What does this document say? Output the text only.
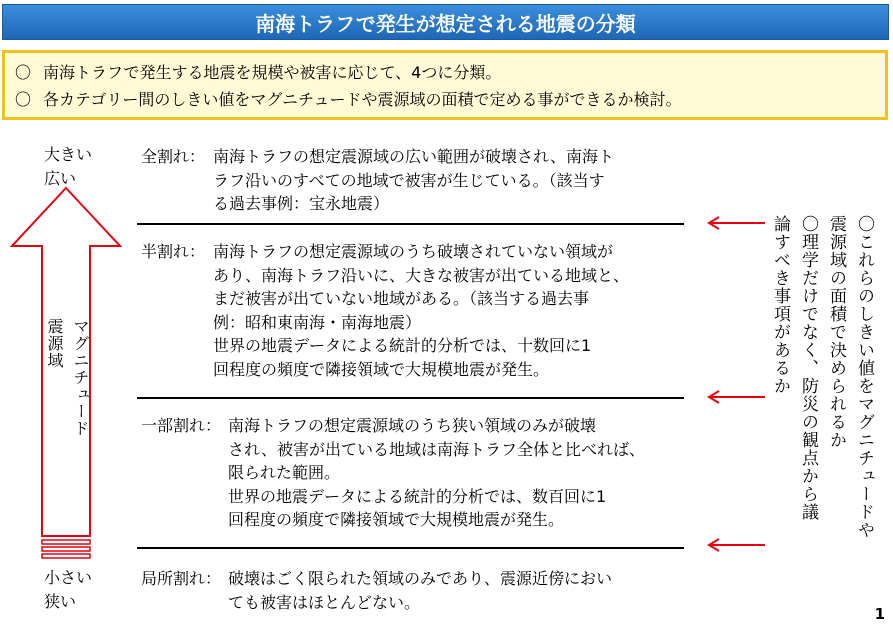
南海トラフで発生が想定される地震の分類
〇 南海トラフで発生する地震を規模や被害に応じて、4つに分類。
〇 各カテゴリー間のしきい値をマグニチュードや震源域の面積で定める事ができるか検討。
大きい
広い
小さい
狭い
マグニチュード
震源域
全割れ： 南海トラフの想定震源域の広い範囲が破壊され、南海ト
ラフ沿いのすべての地域で被害が生じている。（該当す
る過去事例：宝永地震）
半割れ： 南海トラフの想定震源域のうち破壊されていない領域が
あり、南海トラフ沿いに、大きな被害が出ている地域と、
まだ被害が出ていない地域がある。（該当する過去事
例：昭和東南海・南海地震）
世界の地震データによる統計的分析では、十数回に1
回程度の頻度で隣接領域で大規模地震が発生。
一部割れ： 南海トラフの想定震源域のうち狭い領域のみが破壊
され、被害が出ている地域は南海トラフ全体と比べれば、
限られた範囲。
世界の地震データによる統計的分析では、数百回に1
回程度の頻度で隣接領域で大規模地震が発生。
局所割れ： 破壊はごく限られた領域のみであり、震源近傍におい
ても被害はほとんどない。
〇これらのしきい値をマグニチュードや
震源域の面積で決められるか
〇理学だけでなく、防災の観点から議
論すべき事項があるか
1
